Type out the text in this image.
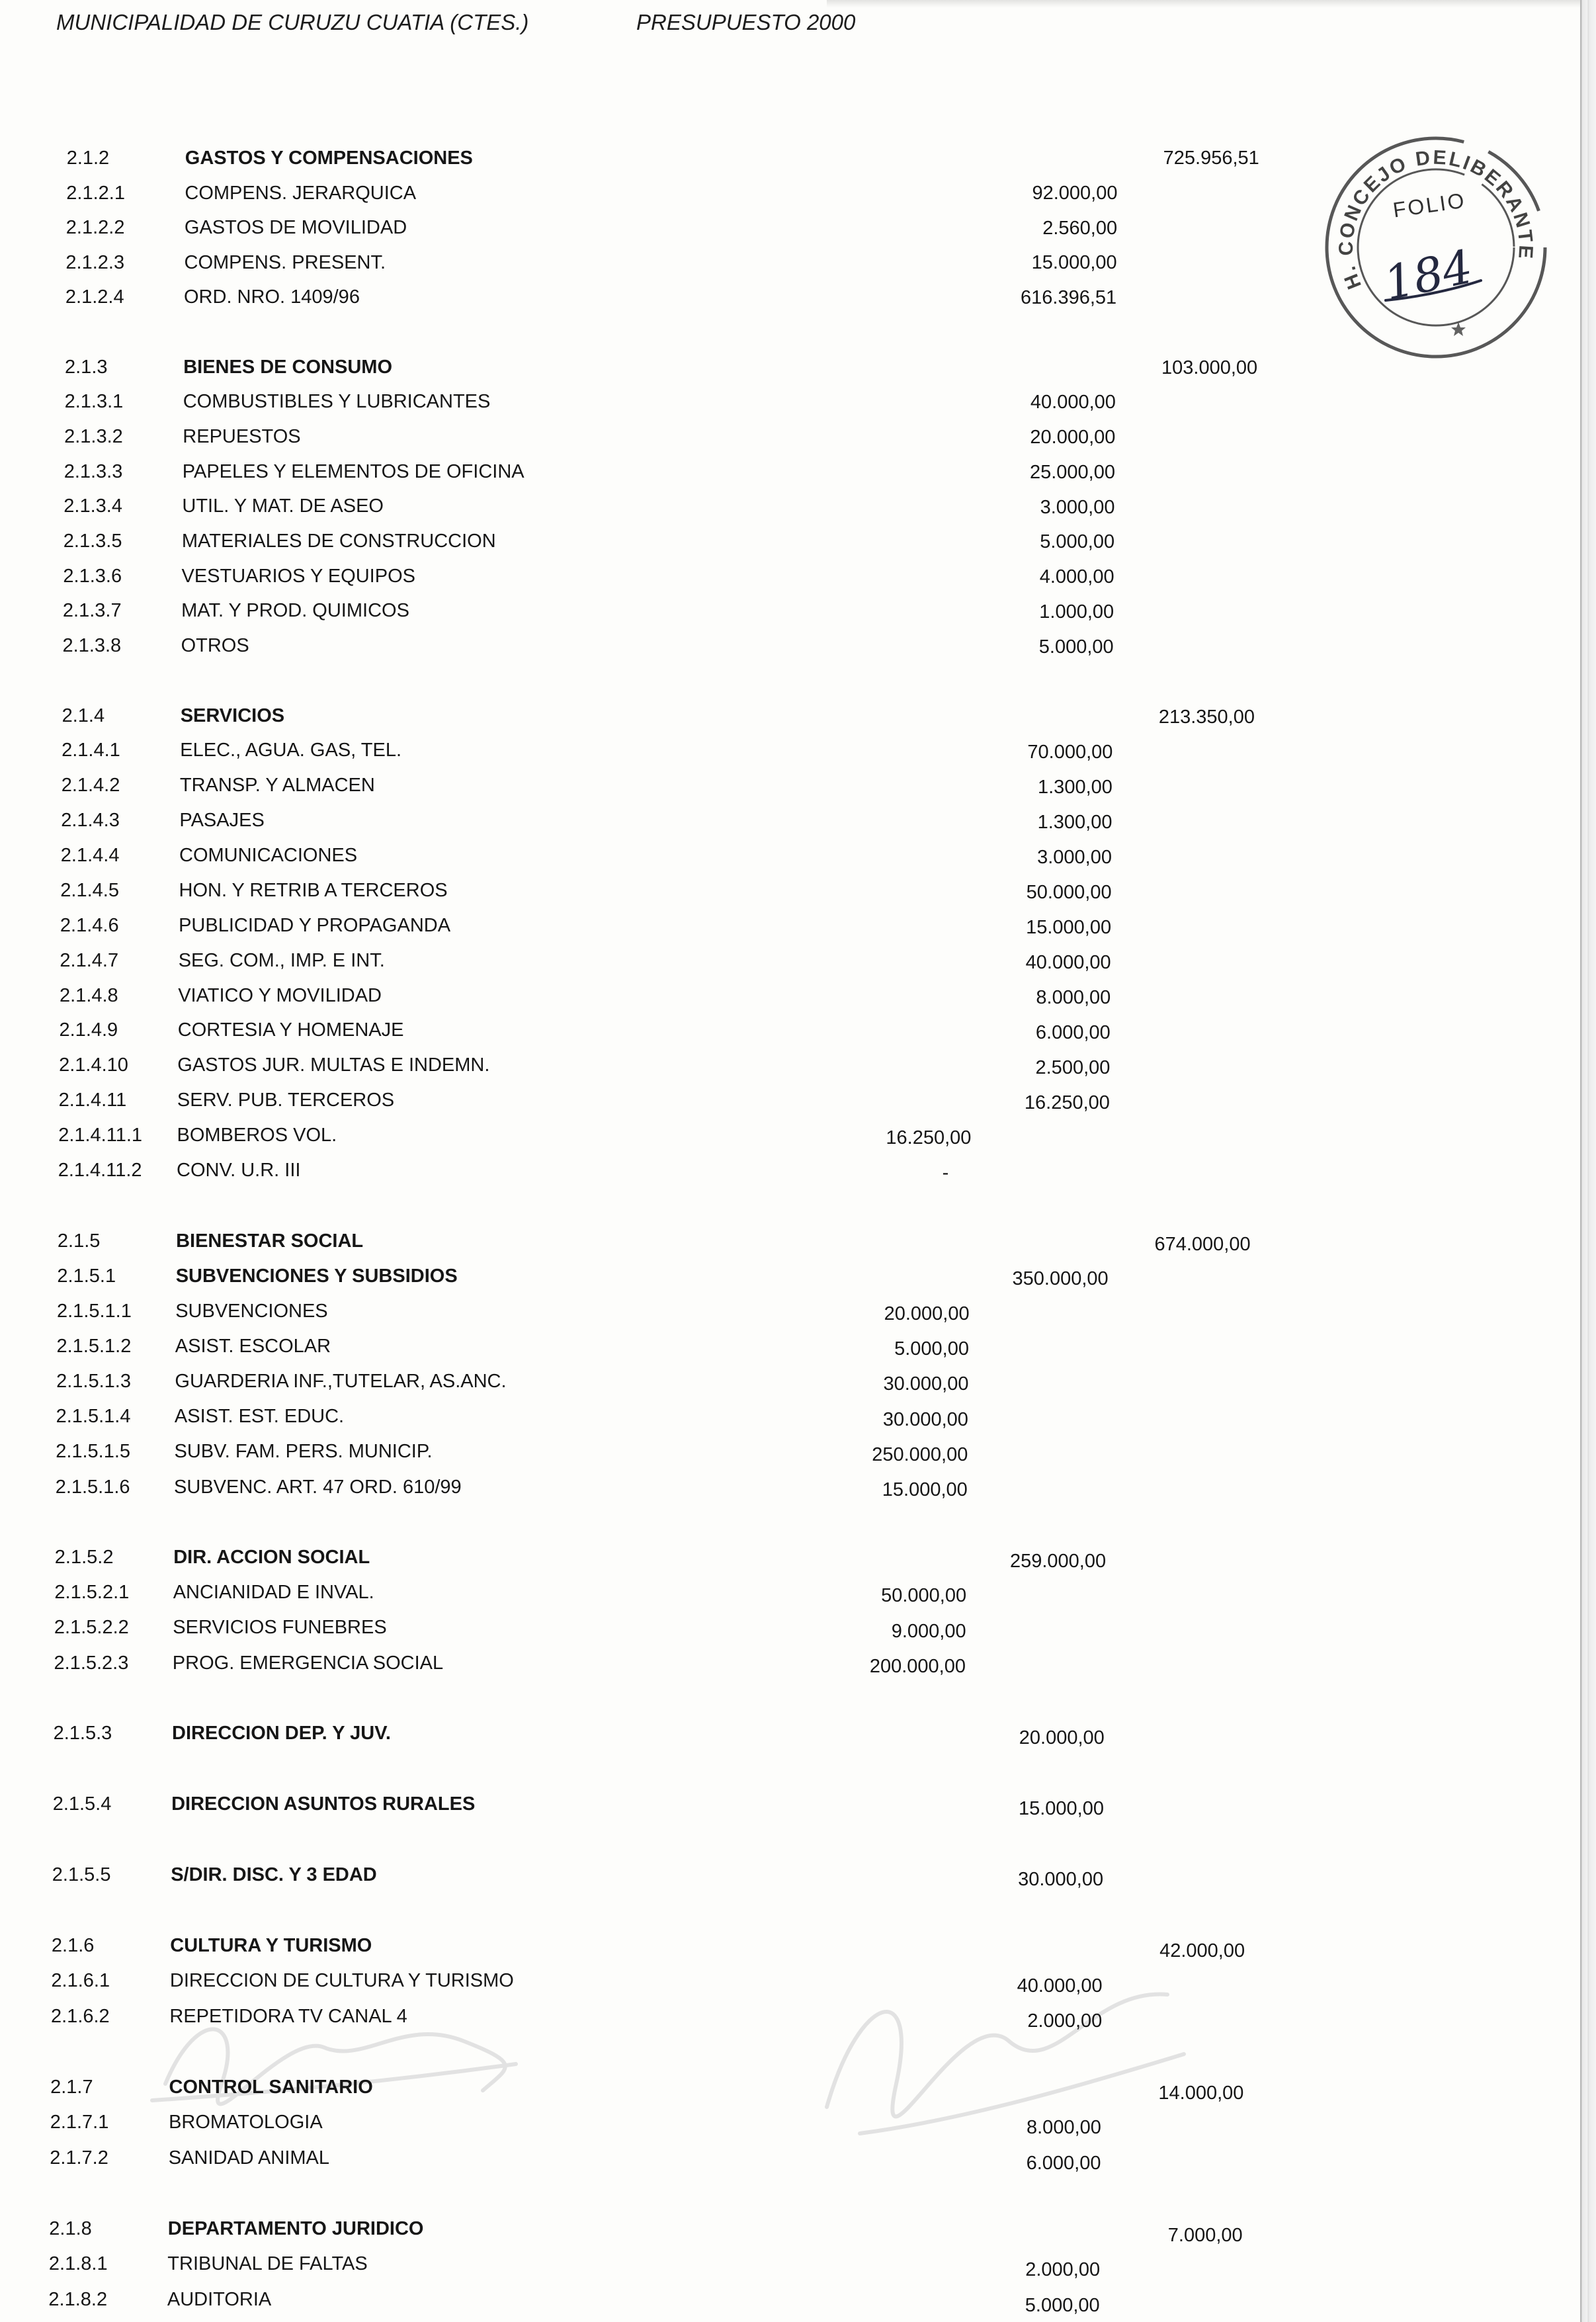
MUNICIPALIDAD DE CURUZU CUATIA (CTES.)	PRESUPUESTO 2000
H. CONCEJO DELIBERANTE
FOLIO
184
2.1.2	GASTOS Y COMPENSACIONES	725.956,51
2.1.2.1	COMPENS. JERARQUICA	92.000,00
2.1.2.2	GASTOS DE MOVILIDAD	2.560,00
2.1.2.3	COMPENS. PRESENT.	15.000,00
2.1.2.4	ORD. NRO. 1409/96	616.396,51
2.1.3	BIENES DE CONSUMO	103.000,00
2.1.3.1	COMBUSTIBLES Y LUBRICANTES	40.000,00
2.1.3.2	REPUESTOS	20.000,00
2.1.3.3	PAPELES Y ELEMENTOS DE OFICINA	25.000,00
2.1.3.4	UTIL. Y MAT. DE ASEO	3.000,00
2.1.3.5	MATERIALES DE CONSTRUCCION	5.000,00
2.1.3.6	VESTUARIOS Y EQUIPOS	4.000,00
2.1.3.7	MAT. Y PROD. QUIMICOS	1.000,00
2.1.3.8	OTROS	5.000,00
2.1.4	SERVICIOS	213.350,00
2.1.4.1	ELEC., AGUA. GAS, TEL.	70.000,00
2.1.4.2	TRANSP. Y ALMACEN	1.300,00
2.1.4.3	PASAJES	1.300,00
2.1.4.4	COMUNICACIONES	3.000,00
2.1.4.5	HON. Y RETRIB A TERCEROS	50.000,00
2.1.4.6	PUBLICIDAD Y PROPAGANDA	15.000,00
2.1.4.7	SEG. COM., IMP. E INT.	40.000,00
2.1.4.8	VIATICO Y MOVILIDAD	8.000,00
2.1.4.9	CORTESIA Y HOMENAJE	6.000,00
2.1.4.10	GASTOS JUR. MULTAS E INDEMN.	2.500,00
2.1.4.11	SERV. PUB. TERCEROS	16.250,00
2.1.4.11.1 BOMBEROS VOL.	16.250,00
2.1.4.11.2 CONV. U.R. III	-
2.1.5	BIENESTAR SOCIAL	674.000,00
2.1.5.1	SUBVENCIONES Y SUBSIDIOS	350.000,00
2.1.5.1.1 SUBVENCIONES	20.000,00
2.1.5.1.2 ASIST. ESCOLAR	5.000,00
2.1.5.1.3 GUARDERIA INF.,TUTELAR, AS.ANC.	30.000,00
2.1.5.1.4 ASIST. EST. EDUC.	30.000,00
2.1.5.1.5 SUBV. FAM. PERS. MUNICIP.	250.000,00
2.1.5.1.6 SUBVENC. ART. 47 ORD. 610/99	15.000,00
2.1.5.2	DIR. ACCION SOCIAL	259.000,00
2.1.5.2.1 ANCIANIDAD E INVAL.	50.000,00
2.1.5.2.2 SERVICIOS FUNEBRES	9.000,00
2.1.5.2.3 PROG. EMERGENCIA SOCIAL	200.000,00
2.1.5.3	DIRECCION DEP. Y JUV.	20.000,00
2.1.5.4	DIRECCION ASUNTOS RURALES	15.000,00
2.1.5.5	S/DIR. DISC. Y 3 EDAD	30.000,00
2.1.6	CULTURA Y TURISMO	42.000,00
2.1.6.1	DIRECCION DE CULTURA Y TURISMO	40.000,00
2.1.6.2	REPETIDORA TV CANAL 4	2.000,00
2.1.7	CONTROL SANITARIO	14.000,00
2.1.7.1	BROMATOLOGIA	8.000,00
2.1.7.2	SANIDAD ANIMAL	6.000,00
2.1.8	DEPARTAMENTO JURIDICO	7.000,00
2.1.8.1	TRIBUNAL DE FALTAS	2.000,00
2.1.8.2	AUDITORIA	5.000,00
